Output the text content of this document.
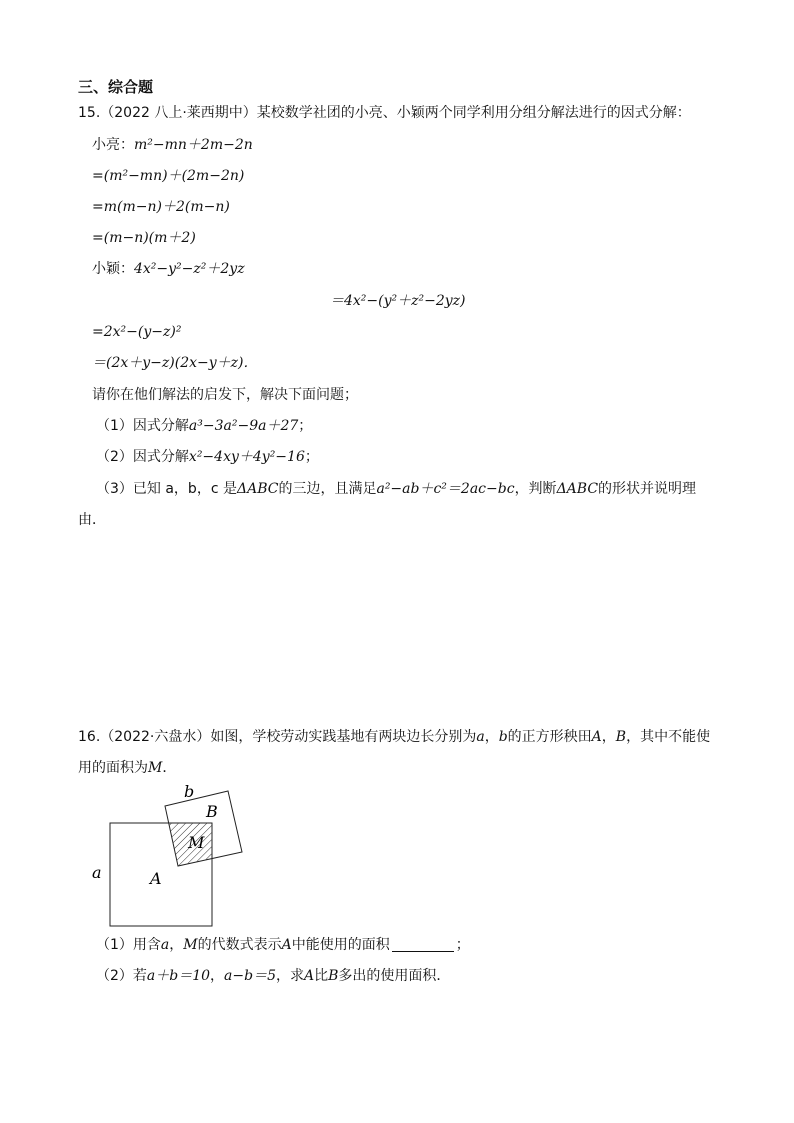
三、综合题
15.（2022 八上·莱西期中）某校数学社团的小亮、小颖两个同学利用分组分解法进行的因式分解：
小亮：m²−mn＋2m−2n
=(m²−mn)＋(2m−2n)
=m(m−n)＋2(m−n)
=(m−n)(m＋2)
小颖：4x²−y²−z²＋2yz
＝4x²−(y²＋z²−2yz)
=2x²−(y−z)²
＝(2x＋y−z)(2x−y＋z)．
请你在他们解法的启发下，解决下面问题；
（1）因式分解a³−3a²−9a＋27；
（2）因式分解x²−4xy＋4y²−16；
（3）已知 a，b，c 是ΔABC的三边，且满足a²−ab＋c²＝2ac−bc，判断ΔABC的形状并说明理
由．
16.（2022·六盘水）如图，学校劳动实践基地有两块边长分别为a，b的正方形秧田A，B，其中不能使
用的面积为M．
a
b
B
A
M
（1）用含a，M的代数式表示A中能使用的面积	；
（2）若a＋b＝10，a−b＝5，求A比B多出的使用面积．
